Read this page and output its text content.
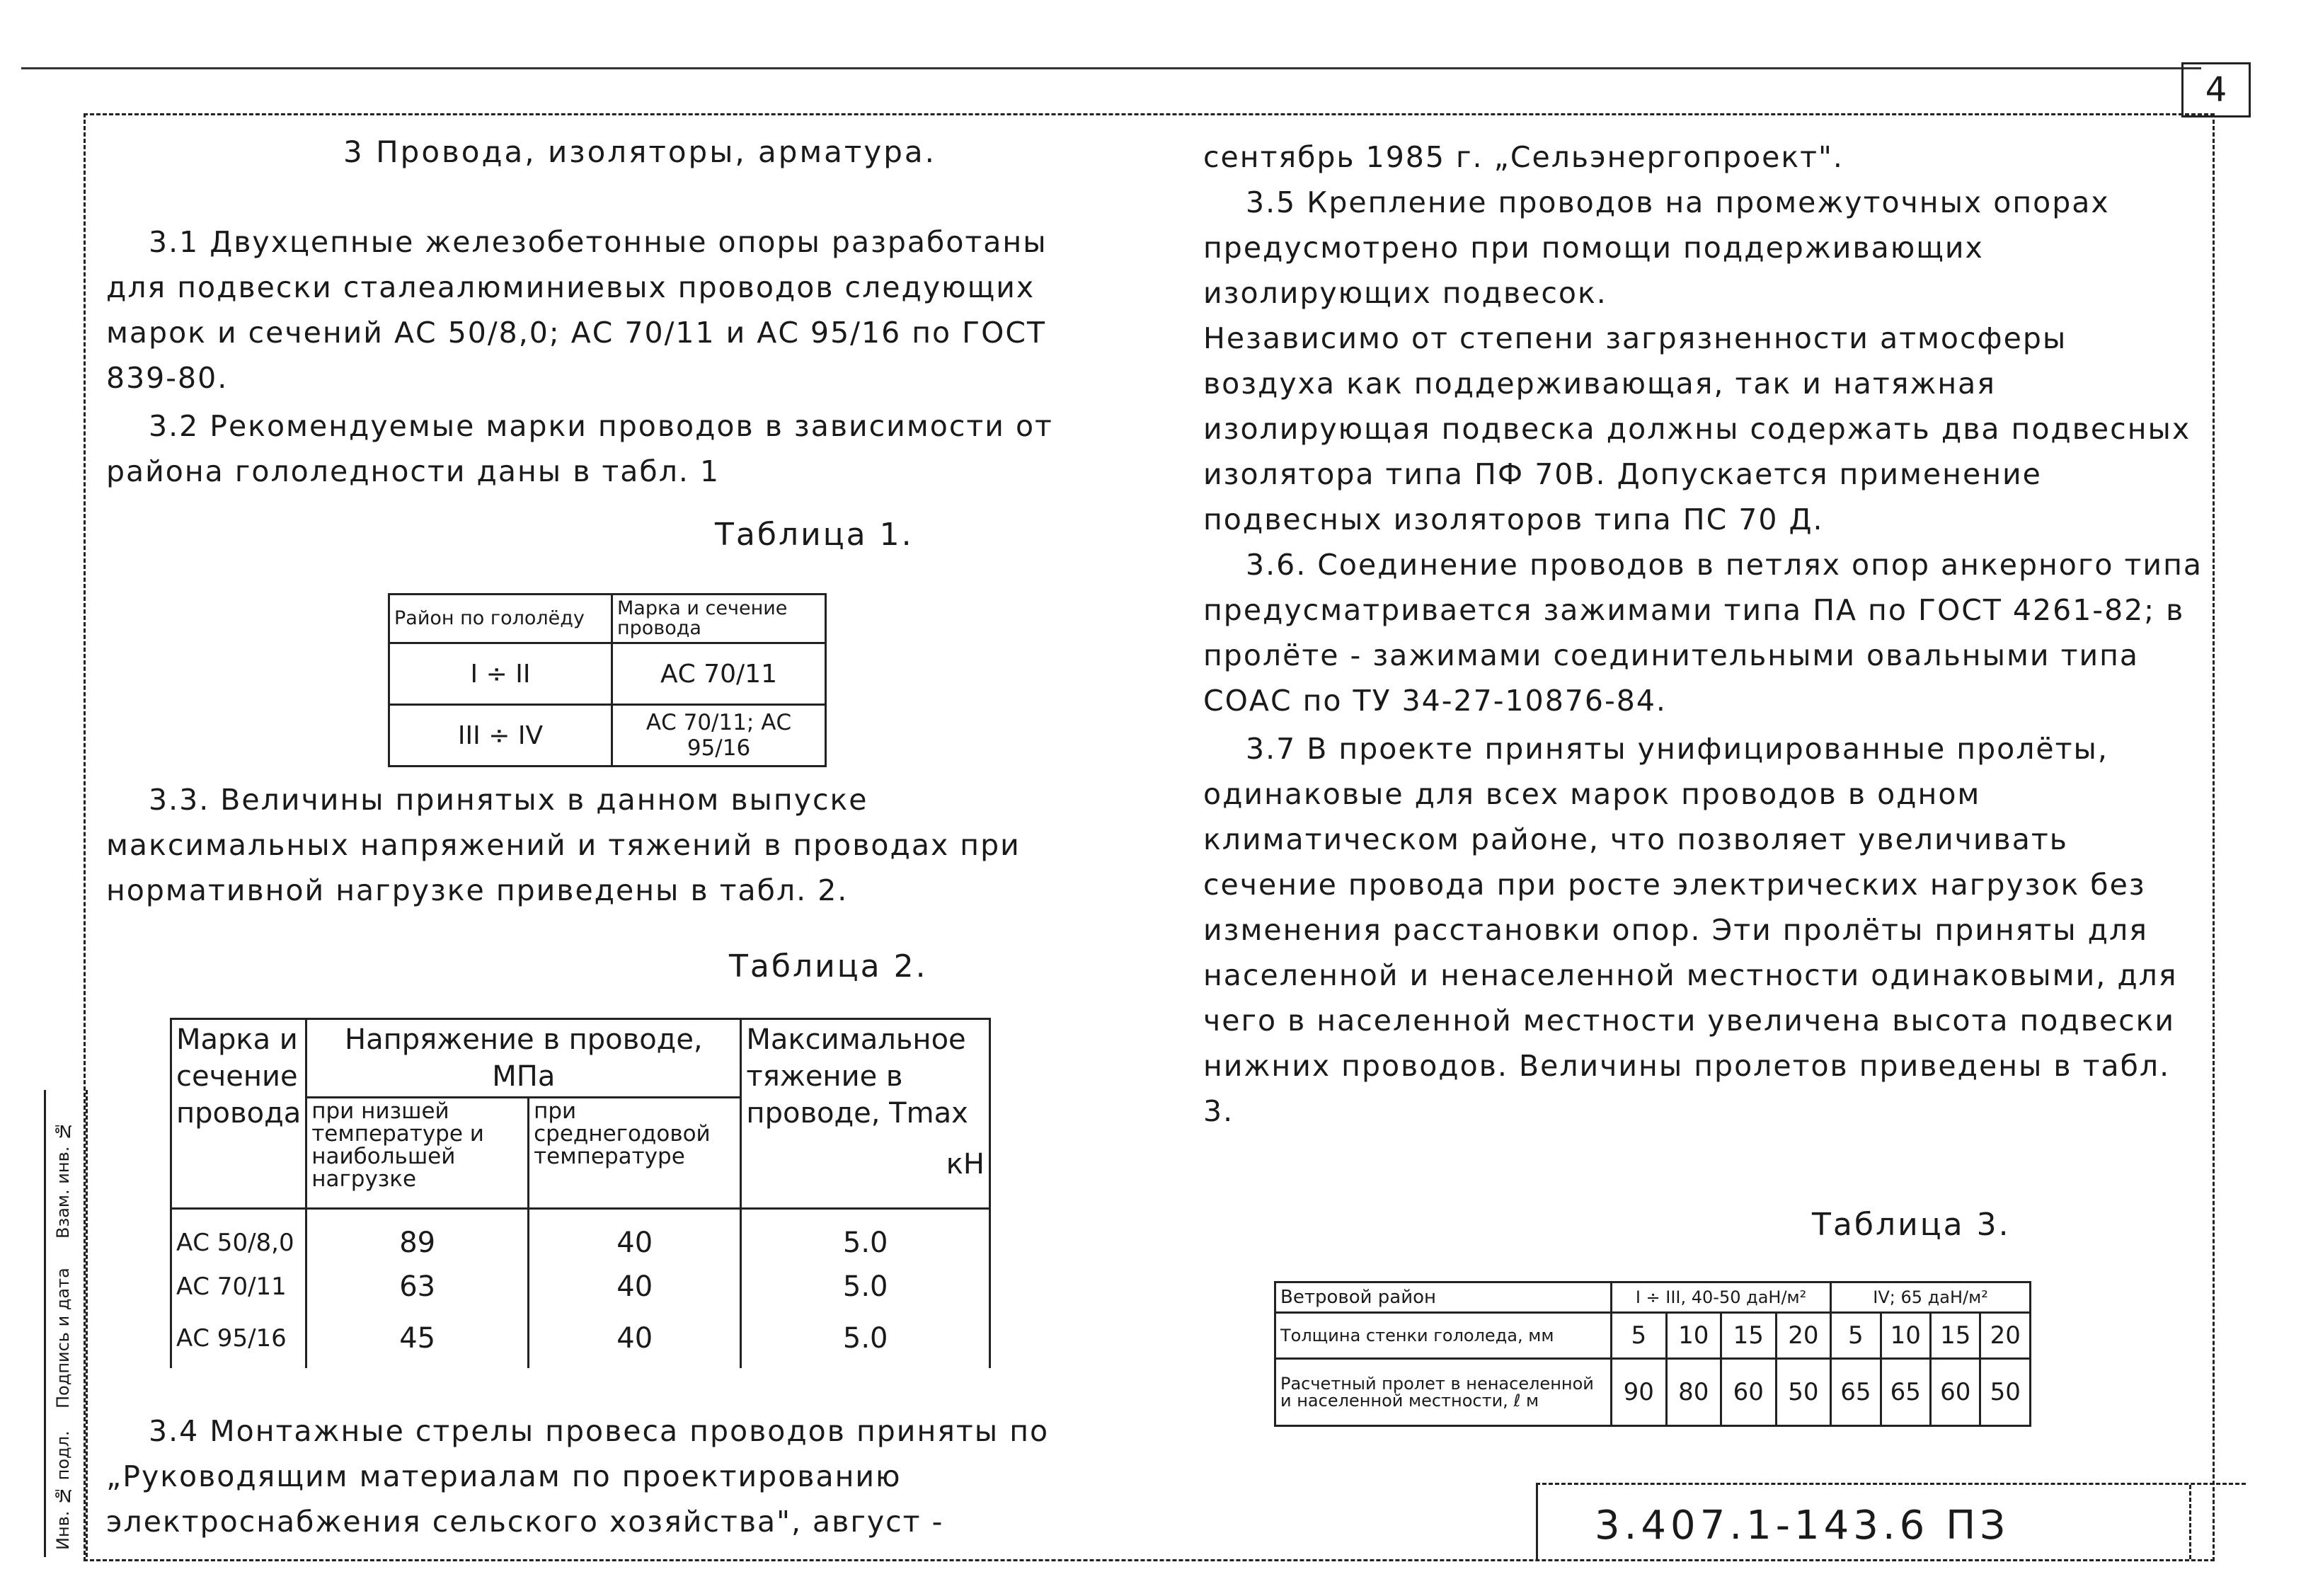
4
Инв. № подл.
Подпись и дата
Взам. инв. №

3 Провода, изоляторы, арматура.

3.1 Двухцепные железобетонные опоры разработаны для подвески сталеалюминиевых проводов следующих марок и сечений АС 50/8,0; АС 70/11 и АС 95/16 по ГОСТ 839-80.

3.2 Рекомендуемые марки проводов в зависимости от района гололедности даны в табл. 1

Таблица 1.

Район по гололёду	Марка и сечение провода
I ÷ II	АС 70/11
III ÷ IV	АС 70/11; АС 95/16

3.3. Величины принятых в данном выпуске максимальных напряжений и тяжений в проводах при нормативной нагрузке приведены в табл. 2.

Таблица 2.

Марка и сечение провода	Напряжение в проводе, МПа		Максимальное тяжение в проводе, Tmax

кН

	при низшей температуре и наибольшей нагрузке	при среднегодовой температуре	
АС 50/8,0	89	40	5.0
АС 70/11	63	40	5.0
АС 95/16	45	40	5.0

3.4 Монтажные стрелы провеса проводов приняты по „Руководящим материалам по проектированию электроснабжения сельского хозяйства", август -

сентябрь 1985 г. „Сельэнергопроект".

3.5 Крепление проводов на промежуточных опорах предусмотрено при помощи поддерживающих изолирующих подвесок.

Независимо от степени загрязненности атмосферы воздуха как поддерживающая, так и натяжная изолирующая подвеска должны содержать два подвесных изолятора типа ПФ 70В. Допускается применение подвесных изоляторов типа ПС 70 Д.

3.6. Соединение проводов в петлях опор анкерного типа предусматривается зажимами типа ПА по ГОСТ 4261-82; в пролёте - зажимами соединительными овальными типа СОАС по ТУ 34-27-10876-84.

3.7 В проекте приняты унифицированные пролёты, одинаковые для всех марок проводов в одном климатическом районе, что позволяет увеличивать сечение провода при росте электрических нагрузок без изменения расстановки опор. Эти пролёты приняты для населенной и ненаселенной местности одинаковыми, для чего в населенной местности увеличена высота подвески нижних проводов. Величины пролетов приведены в табл. 3.

Таблица 3.

Ветровой район	I ÷ III, 40-50 даН/м²				IV; 65 даН/м²			
Толщина стенки гололеда, мм	5	10	15	20	5	10	15	20
Расчетный пролет в ненаселенной и населенной местности, ℓ м	90	80	60	50	65	65	60	50
3.407.1-143.6 ПЗ
